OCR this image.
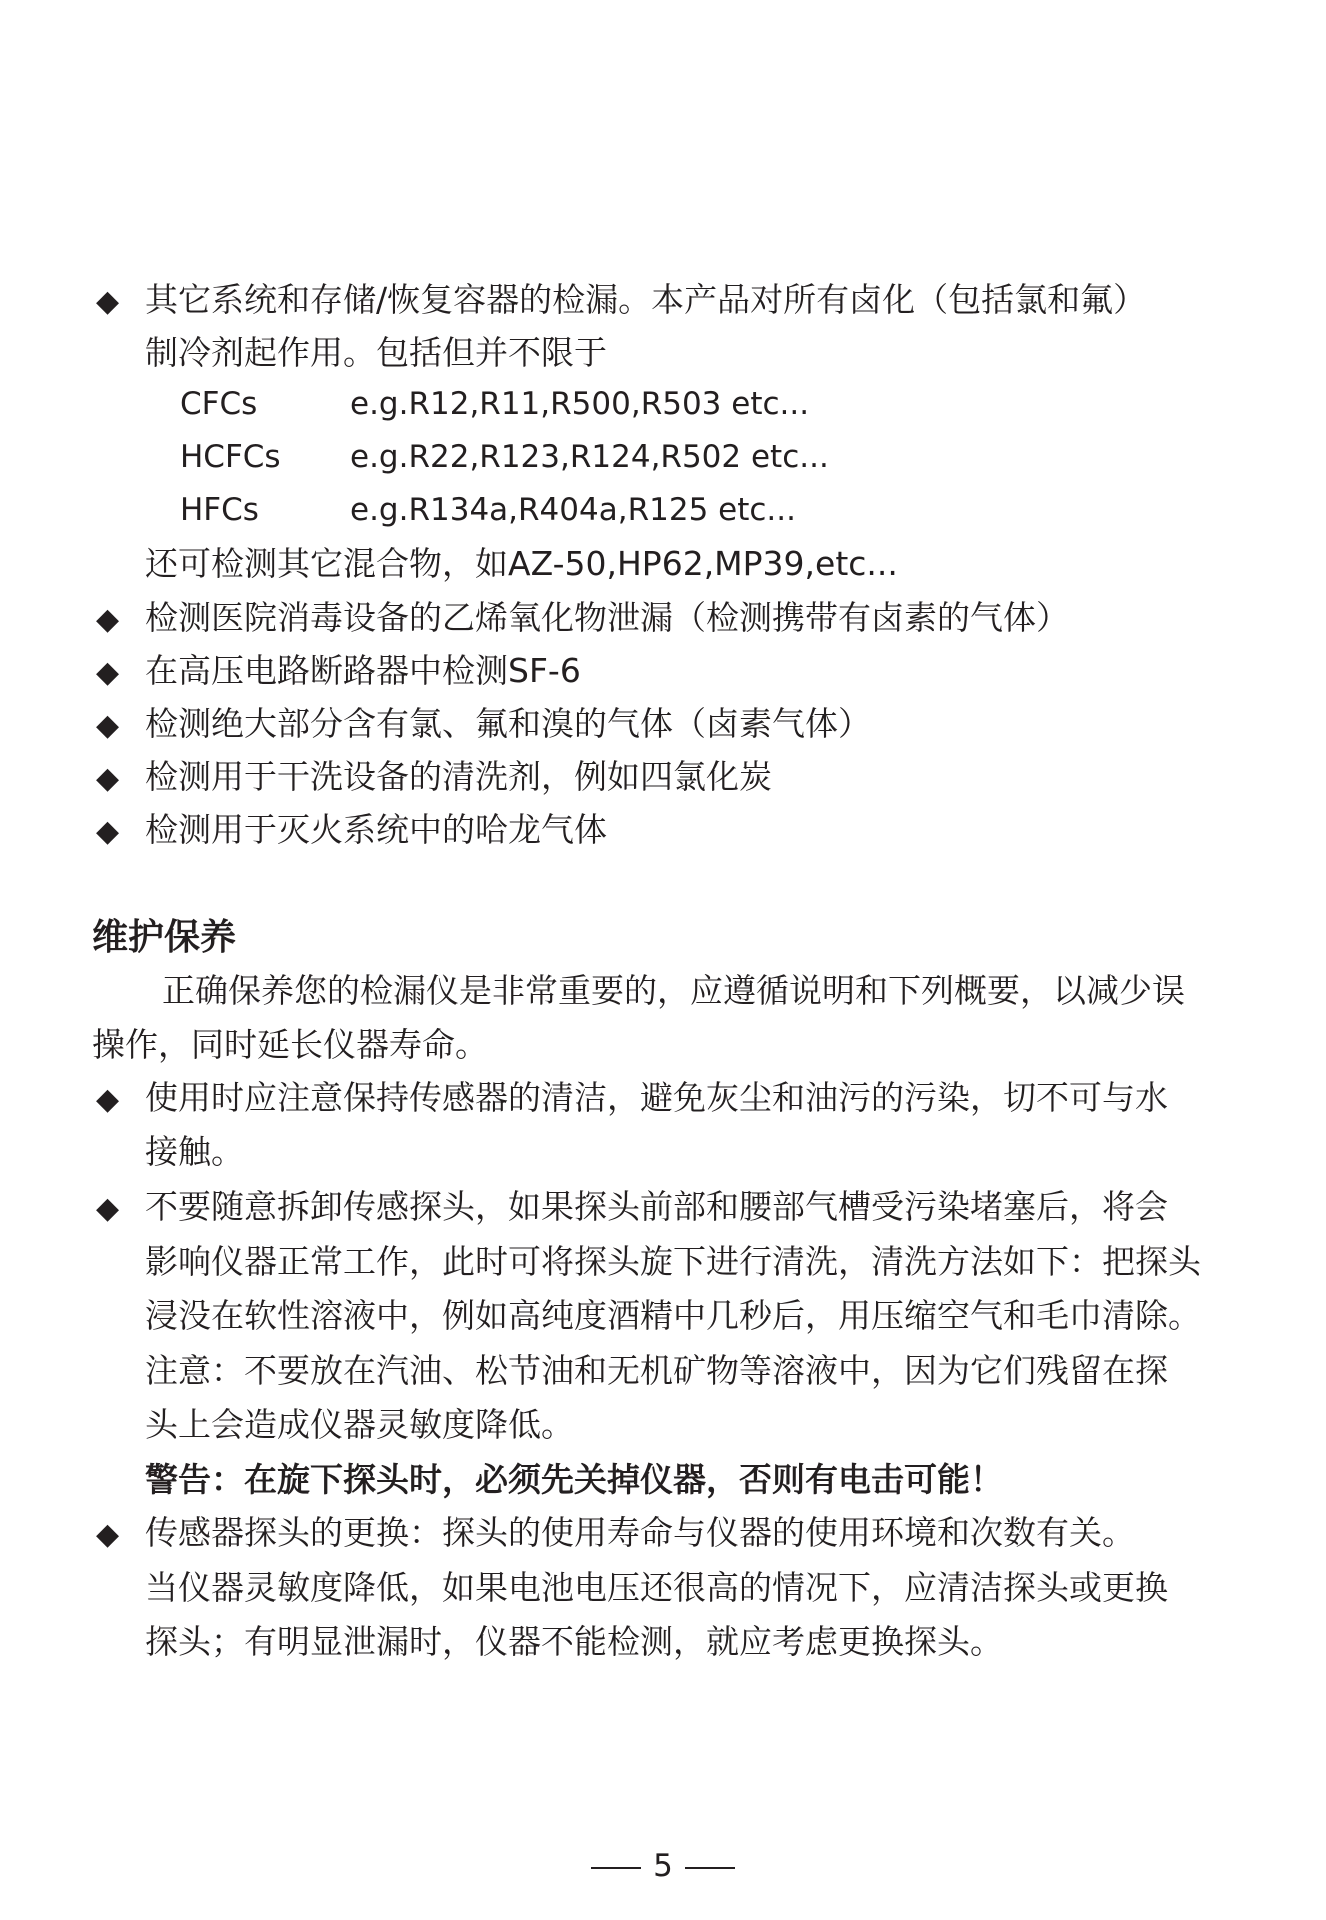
◆ 其它系统和存储/恢复容器的检漏。本产品对所有卤化（包括氯和氟）
制冷剂起作用。包括但并不限于
CFCs	e.g.R12,R11,R500,R503 etc...
HCFCs e.g.R22,R123,R124,R502 etc...
HFCs	e.g.R134a,R404a,R125 etc...
还可检测其它混合物，如AZ-50,HP62,MP39,etc...
◆ 检测医院消毒设备的乙烯氧化物泄漏（检测携带有卤素的气体）
◆ 在高压电路断路器中检测SF-6
◆ 检测绝大部分含有氯、氟和溴的气体（卤素气体）
◆ 检测用于干洗设备的清洗剂，例如四氯化炭
◆ 检测用于灭火系统中的哈龙气体
维护保养
正确保养您的检漏仪是非常重要的，应遵循说明和下列概要，以减少误
操作，同时延长仪器寿命。
◆ 使用时应注意保持传感器的清洁，避免灰尘和油污的污染，切不可与水
接触。
◆ 不要随意拆卸传感探头，如果探头前部和腰部气槽受污染堵塞后，将会
影响仪器正常工作，此时可将探头旋下进行清洗，清洗方法如下：把探头
浸没在软性溶液中，例如高纯度酒精中几秒后，用压缩空气和毛巾清除。
注意：不要放在汽油、松节油和无机矿物等溶液中，因为它们残留在探
头上会造成仪器灵敏度降低。
警告：在旋下探头时，必须先关掉仪器，否则有电击可能！
◆ 传感器探头的更换：探头的使用寿命与仪器的使用环境和次数有关。
当仪器灵敏度降低，如果电池电压还很高的情况下，应清洁探头或更换
探头；有明显泄漏时，仪器不能检测，就应考虑更换探头。
5
